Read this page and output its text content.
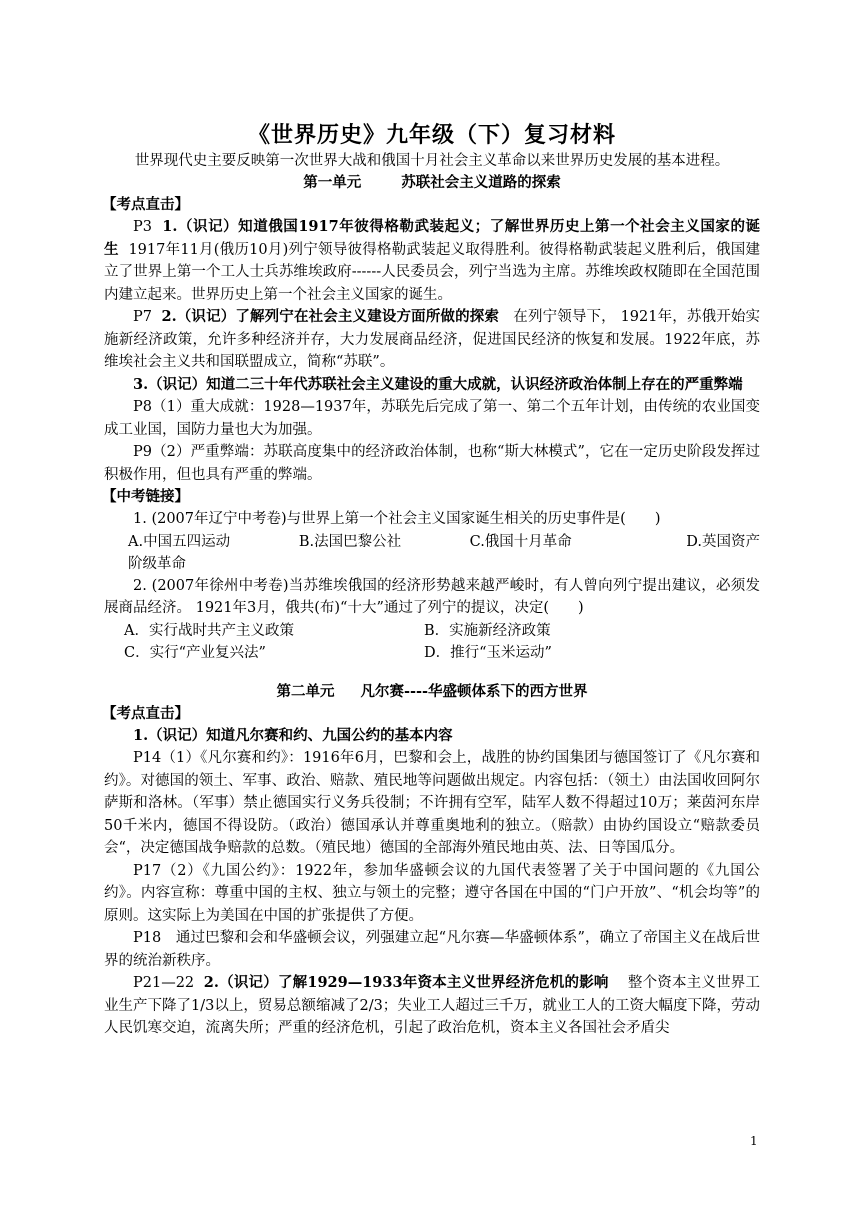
《世界历史》九年级（下）复习材料
世界现代史主要反映第一次世界大战和俄国十月社会主义革命以来世界历史发展的基本进程。
第一单元	苏联社会主义道路的探索
【考点直击】

P3 1.（识记）知道俄国1917年彼得格勒武装起义；了解世界历史上第一个社会主义国家的诞生 1917年11月(俄历10月)列宁领导彼得格勒武装起义取得胜利。彼得格勒武装起义胜利后，俄国建立了世界上第一个工人士兵苏维埃政府------人民委员会，列宁当选为主席。苏维埃政权随即在全国范围内建立起来。世界历史上第一个社会主义国家的诞生。

P7 2.（识记）了解列宁在社会主义建设方面所做的探索 在列宁领导下， 1921年，苏俄开始实施新经济政策，允许多种经济并存，大力发展商品经济，促进国民经济的恢复和发展。1922年底，苏维埃社会主义共和国联盟成立，简称“苏联”。

3.（识记）知道二三十年代苏联社会主义建设的重大成就，认识经济政治体制上存在的严重弊端

P8（1）重大成就：1928—1937年，苏联先后完成了第一、第二个五年计划，由传统的农业国变成工业国，国防力量也大为加强。

P9（2）严重弊端：苏联高度集中的经济政治体制，也称“斯大林模式”，它在一定历史阶段发挥过积极作用，但也具有严重的弊端。

【中考链接】

1. (2007年辽宁中考卷)与世界上第一个社会主义国家诞生相关的历史事件是(　　)

A.中国五四运动	B.法国巴黎公社	C.俄国十月革命	D.英国资产
阶级革命

2. (2007年徐州中考卷)当苏维埃俄国的经济形势越来越严峻时，有人曾向列宁提出建议，必须发展商品经济。 1921年3月，俄共(布)“十大”通过了列宁的提议，决定(　　)

A．实行战时共产主义政策	B．实施新经济政策
C．实行“产业复兴法”	D．推行“玉米运动”
第二单元 凡尔赛----华盛顿体系下的西方世界
【考点直击】

1.（识记）知道凡尔赛和约、九国公约的基本内容

P14（1）《凡尔赛和约》：1916年6月，巴黎和会上，战胜的协约国集团与德国签订了《凡尔赛和约》。对德国的领土、军事、政治、赔款、殖民地等问题做出规定。内容包括：（领土）由法国收回阿尔萨斯和洛林。（军事）禁止德国实行义务兵役制；不许拥有空军，陆军人数不得超过10万；莱茵河东岸50千米内，德国不得设防。（政治）德国承认并尊重奥地利的独立。（赔款）由协约国设立“赔款委员会“，决定德国战争赔款的总数。（殖民地）德国的全部海外殖民地由英、法、日等国瓜分。

P17（2）《九国公约》：1922年，参加华盛顿会议的九国代表签署了关于中国问题的《九国公约》。内容宣称：尊重中国的主权、独立与领土的完整；遵守各国在中国的“门户开放”、“机会均等”的原则。这实际上为美国在中国的扩张提供了方便。

P18　通过巴黎和会和华盛顿会议，列强建立起“凡尔赛—华盛顿体系”，确立了帝国主义在战后世界的统治新秩序。

P21—22 2.（识记）了解1929—1933年资本主义世界经济危机的影响 整个资本主义世界工业生产下降了1/3以上，贸易总额缩减了2/3；失业工人超过三千万，就业工人的工资大幅度下降，劳动人民饥寒交迫，流离失所；严重的经济危机，引起了政治危机，资本主义各国社会矛盾尖

1
